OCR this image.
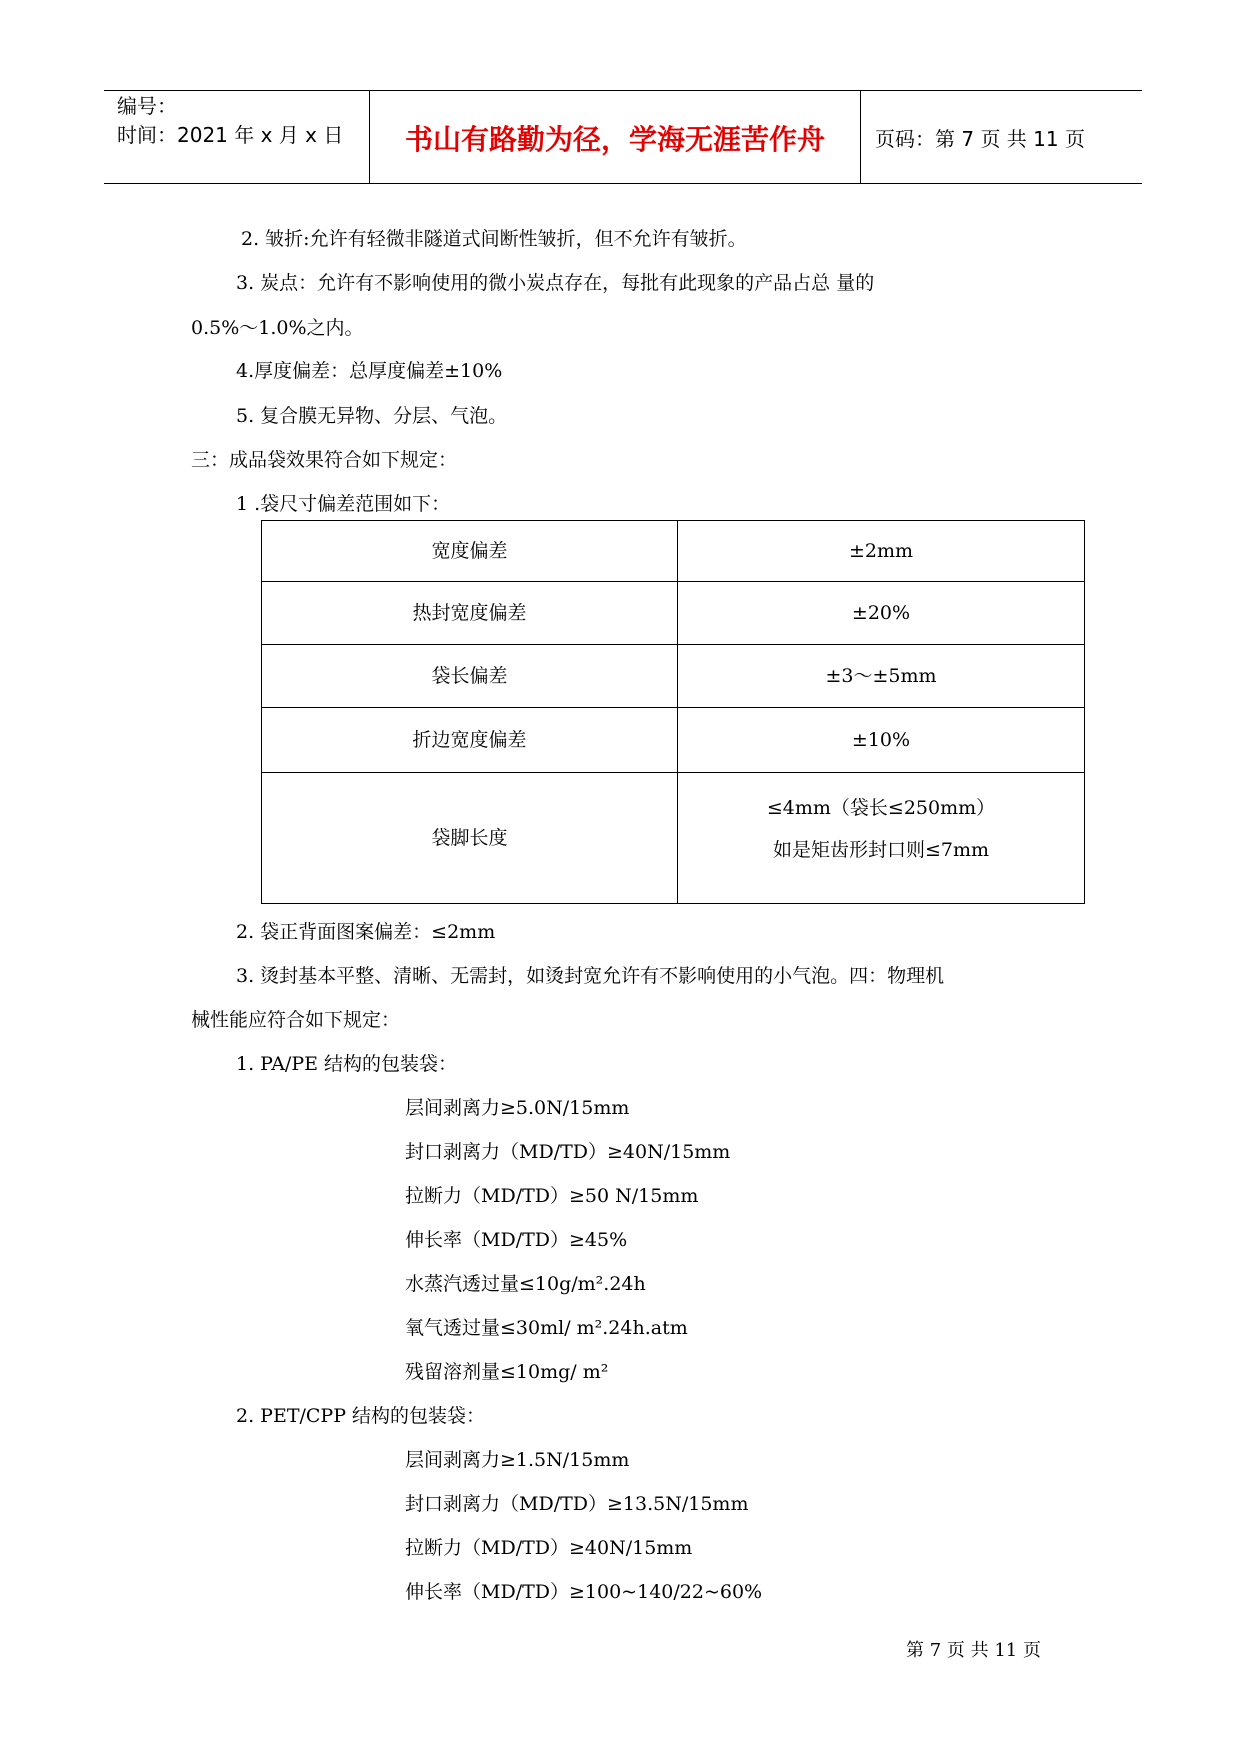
编号：
时间：2021 年 x 月 x 日	书山有路勤为径，学海无涯苦作舟	页码：第 7 页 共 11 页
2. 皱折:允许有轻微非隧道式间断性皱折，但不允许有皱折。
3. 炭点：允许有不影响使用的微小炭点存在，每批有此现象的产品占总 量的
0.5%～1.0%之内。
4.厚度偏差：总厚度偏差±10%
5. 复合膜无异物、分层、气泡。
三：成品袋效果符合如下规定：
1 .袋尺寸偏差范围如下：
宽度偏差	±2mm
热封宽度偏差	±20%
袋长偏差	±3～±5mm
折边宽度偏差	±10%
袋脚长度	≤4mm（袋长≤250mm）
如是矩齿形封口则≤7mm
2. 袋正背面图案偏差：≤2mm
3. 烫封基本平整、清晰、无需封，如烫封宽允许有不影响使用的小气泡。四：物理机
械性能应符合如下规定：
1. PA/PE 结构的包装袋：
层间剥离力≥5.0N/15mm
封口剥离力（MD/TD）≥40N/15mm
拉断力（MD/TD）≥50 N/15mm
伸长率（MD/TD）≥45%
水蒸汽透过量≤10g/m².24h
氧气透过量≤30ml/ m².24h.atm
残留溶剂量≤10mg/ m²
2. PET/CPP 结构的包装袋：
层间剥离力≥1.5N/15mm
封口剥离力（MD/TD）≥13.5N/15mm
拉断力（MD/TD）≥40N/15mm
伸长率（MD/TD）≥100~140/22~60%
第 7 页 共 11 页
